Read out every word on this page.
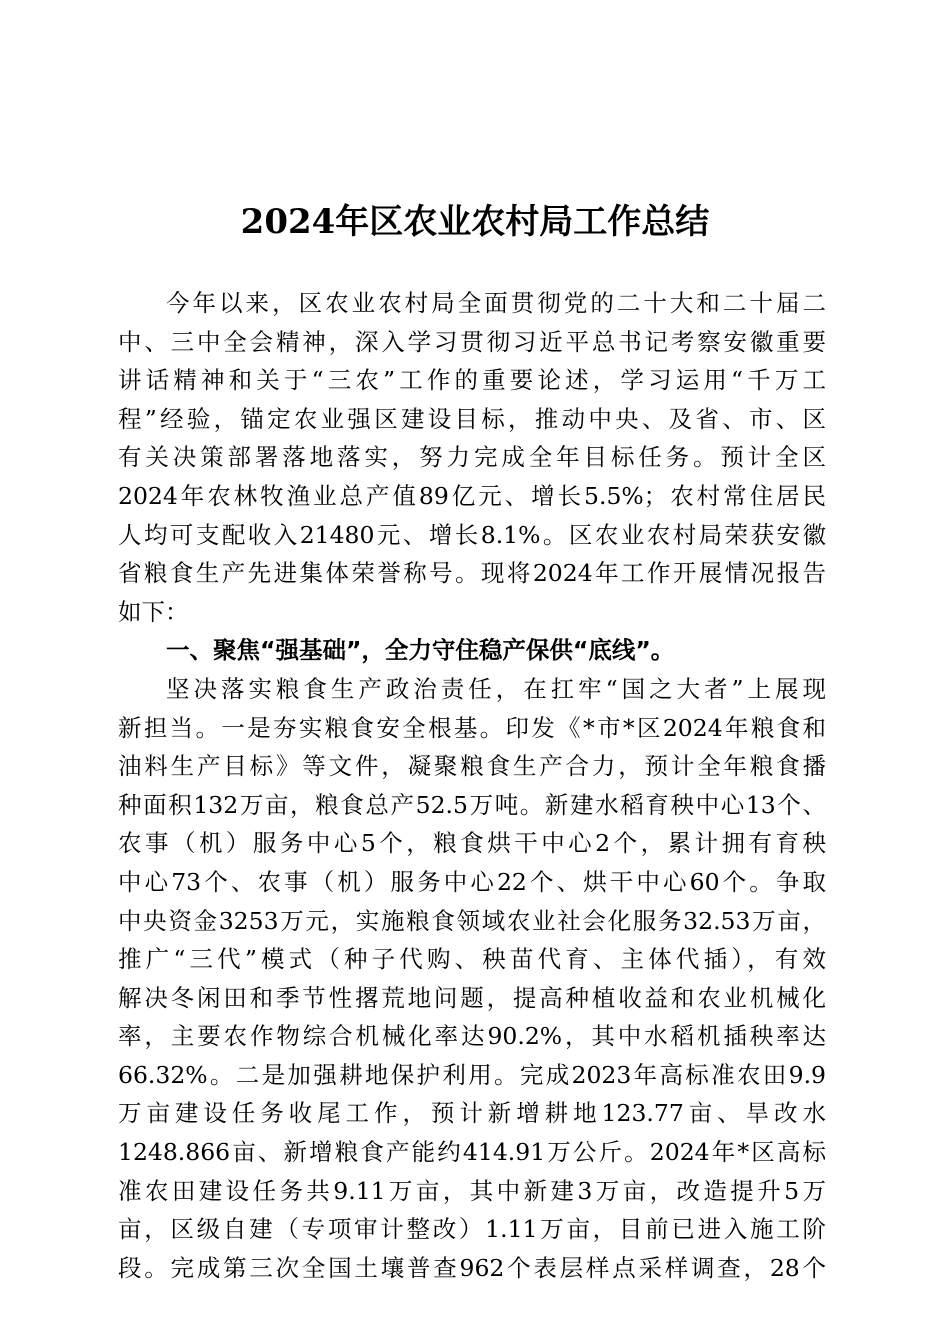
2024年区农业农村局工作总结
今年以来，区农业农村局全面贯彻党的二十大和二十届二
中、三中全会精神，深入学习贯彻习近平总书记考察安徽重要
讲话精神和关于“三农”工作的重要论述，学习运用“千万工
程”经验，锚定农业强区建设目标，推动中央、及省、市、区
有关决策部署落地落实，努力完成全年目标任务。预计全区
2024年农林牧渔业总产值89亿元、增长5.5%；农村常住居民
人均可支配收入21480元、增长8.1%。区农业农村局荣获安徽
省粮食生产先进集体荣誉称号。现将2024年工作开展情况报告
如下：
一、聚焦“强基础”，全力守住稳产保供“底线”。
坚决落实粮食生产政治责任，在扛牢“国之大者”上展现
新担当。一是夯实粮食安全根基。印发《*市*区2024年粮食和
油料生产目标》等文件，凝聚粮食生产合力，预计全年粮食播
种面积132万亩，粮食总产52.5万吨。新建水稻育秧中心13个、
农事（机）服务中心5个，粮食烘干中心2个，累计拥有育秧
中心73个、农事（机）服务中心22个、烘干中心60个。争取
中央资金3253万元，实施粮食领域农业社会化服务32.53万亩，
推广“三代”模式（种子代购、秧苗代育、主体代插），有效
解决冬闲田和季节性撂荒地问题，提高种植收益和农业机械化
率，主要农作物综合机械化率达90.2%，其中水稻机插秧率达
66.32%。二是加强耕地保护利用。完成2023年高标准农田9.9
万亩建设任务收尾工作，预计新增耕地123.77亩、旱改水
1248.866亩、新增粮食产能约414.91万公斤。2024年*区高标
准农田建设任务共9.11万亩，其中新建3万亩，改造提升5万
亩，区级自建（专项审计整改）1.11万亩，目前已进入施工阶
段。完成第三次全国土壤普查962个表层样点采样调查，28个
